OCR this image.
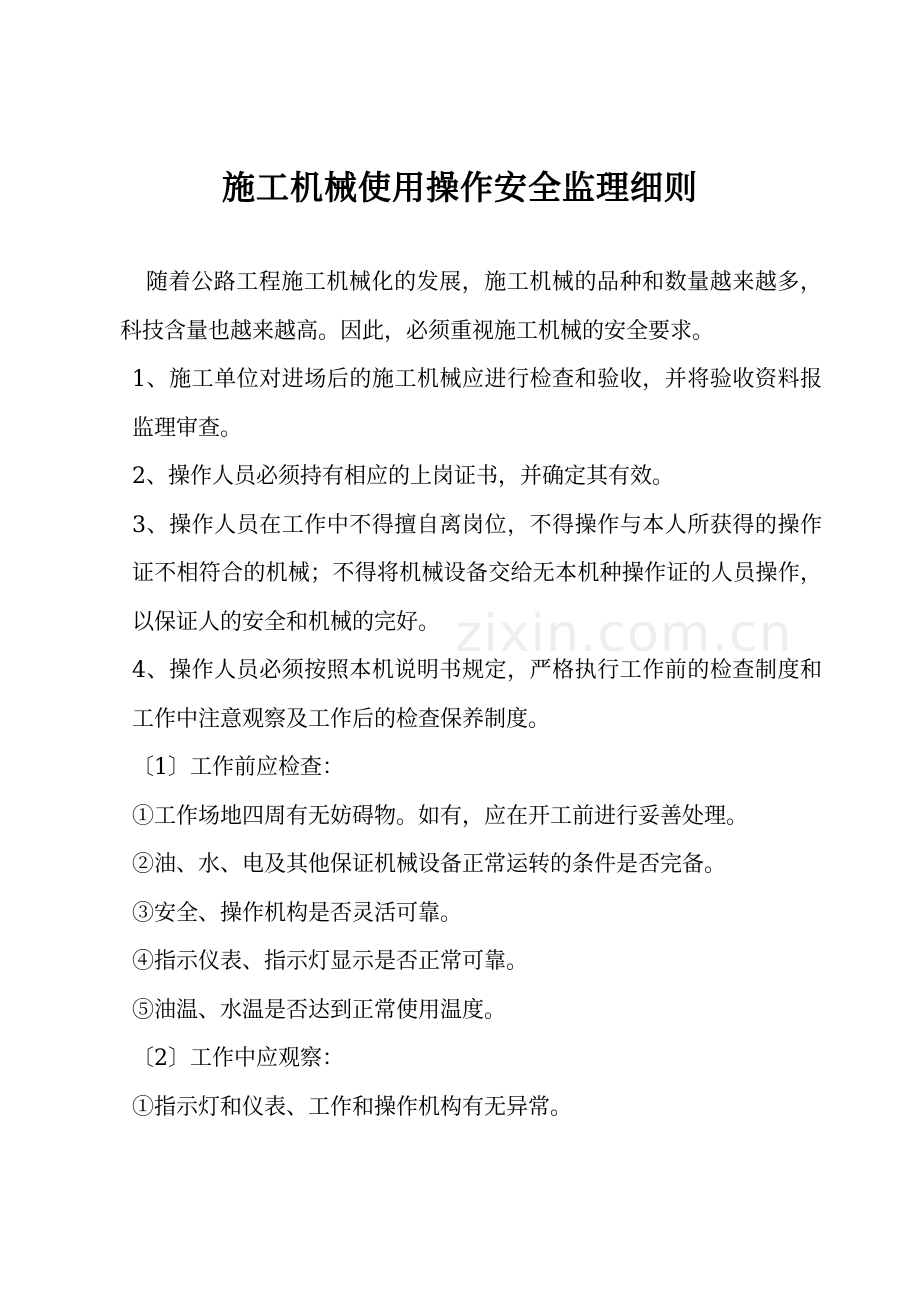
施工机械使用操作安全监理细则

随着公路工程施工机械化的发展，施工机械的品种和数量越来越多，科技含量也越来越高。因此，必须重视施工机械的安全要求。

1、施工单位对进场后的施工机械应进行检查和验收，并将验收资料报监理审查。

2、操作人员必须持有相应的上岗证书，并确定其有效。

3、操作人员在工作中不得擅自离岗位，不得操作与本人所获得的操作证不相符合的机械；不得将机械设备交给无本机种操作证的人员操作，以保证人的安全和机械的完好。

4、操作人员必须按照本机说明书规定，严格执行工作前的检查制度和工作中注意观察及工作后的检查保养制度。

〔1〕工作前应检查：

①工作场地四周有无妨碍物。如有，应在开工前进行妥善处理。

②油、水、电及其他保证机械设备正常运转的条件是否完备。

③安全、操作机构是否灵活可靠。

④指示仪表、指示灯显示是否正常可靠。

⑤油温、水温是否达到正常使用温度。

〔2〕工作中应观察：

①指示灯和仪表、工作和操作机构有无异常。

zixin.com.cn
